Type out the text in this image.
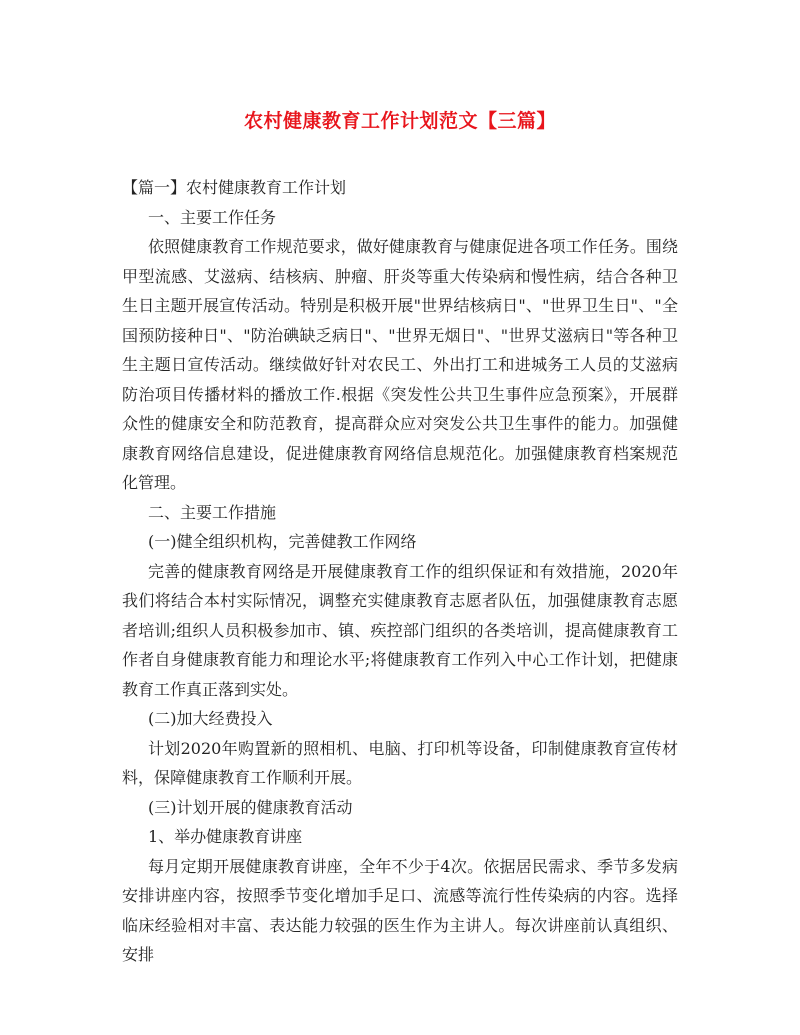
农村健康教育工作计划范文【三篇】

【篇一】农村健康教育工作计划

一、主要工作任务

依照健康教育工作规范要求，做好健康教育与健康促进各项工作任务。围绕甲型流感、艾滋病、结核病、肿瘤、肝炎等重大传染病和慢性病，结合各种卫生日主题开展宣传活动。特别是积极开展"世界结核病日"、"世界卫生日"、"全国预防接种日"、"防治碘缺乏病日"、"世界无烟日"、"世界艾滋病日"等各种卫生主题日宣传活动。继续做好针对农民工、外出打工和进城务工人员的艾滋病防治项目传播材料的播放工作.根据《突发性公共卫生事件应急预案》，开展群众性的健康安全和防范教育，提高群众应对突发公共卫生事件的能力。加强健康教育网络信息建设，促进健康教育网络信息规范化。加强健康教育档案规范化管理。

二、主要工作措施

(一)健全组织机构，完善健教工作网络

完善的健康教育网络是开展健康教育工作的组织保证和有效措施，2020年我们将结合本村实际情况，调整充实健康教育志愿者队伍，加强健康教育志愿者培训;组织人员积极参加市、镇、疾控部门组织的各类培训，提高健康教育工作者自身健康教育能力和理论水平;将健康教育工作列入中心工作计划，把健康教育工作真正落到实处。

(二)加大经费投入

计划2020年购置新的照相机、电脑、打印机等设备，印制健康教育宣传材料，保障健康教育工作顺利开展。

(三)计划开展的健康教育活动

1、举办健康教育讲座

每月定期开展健康教育讲座，全年不少于4次。依据居民需求、季节多发病安排讲座内容，按照季节变化增加手足口、流感等流行性传染病的内容。选择临床经验相对丰富、表达能力较强的医生作为主讲人。每次讲座前认真组织、安排
